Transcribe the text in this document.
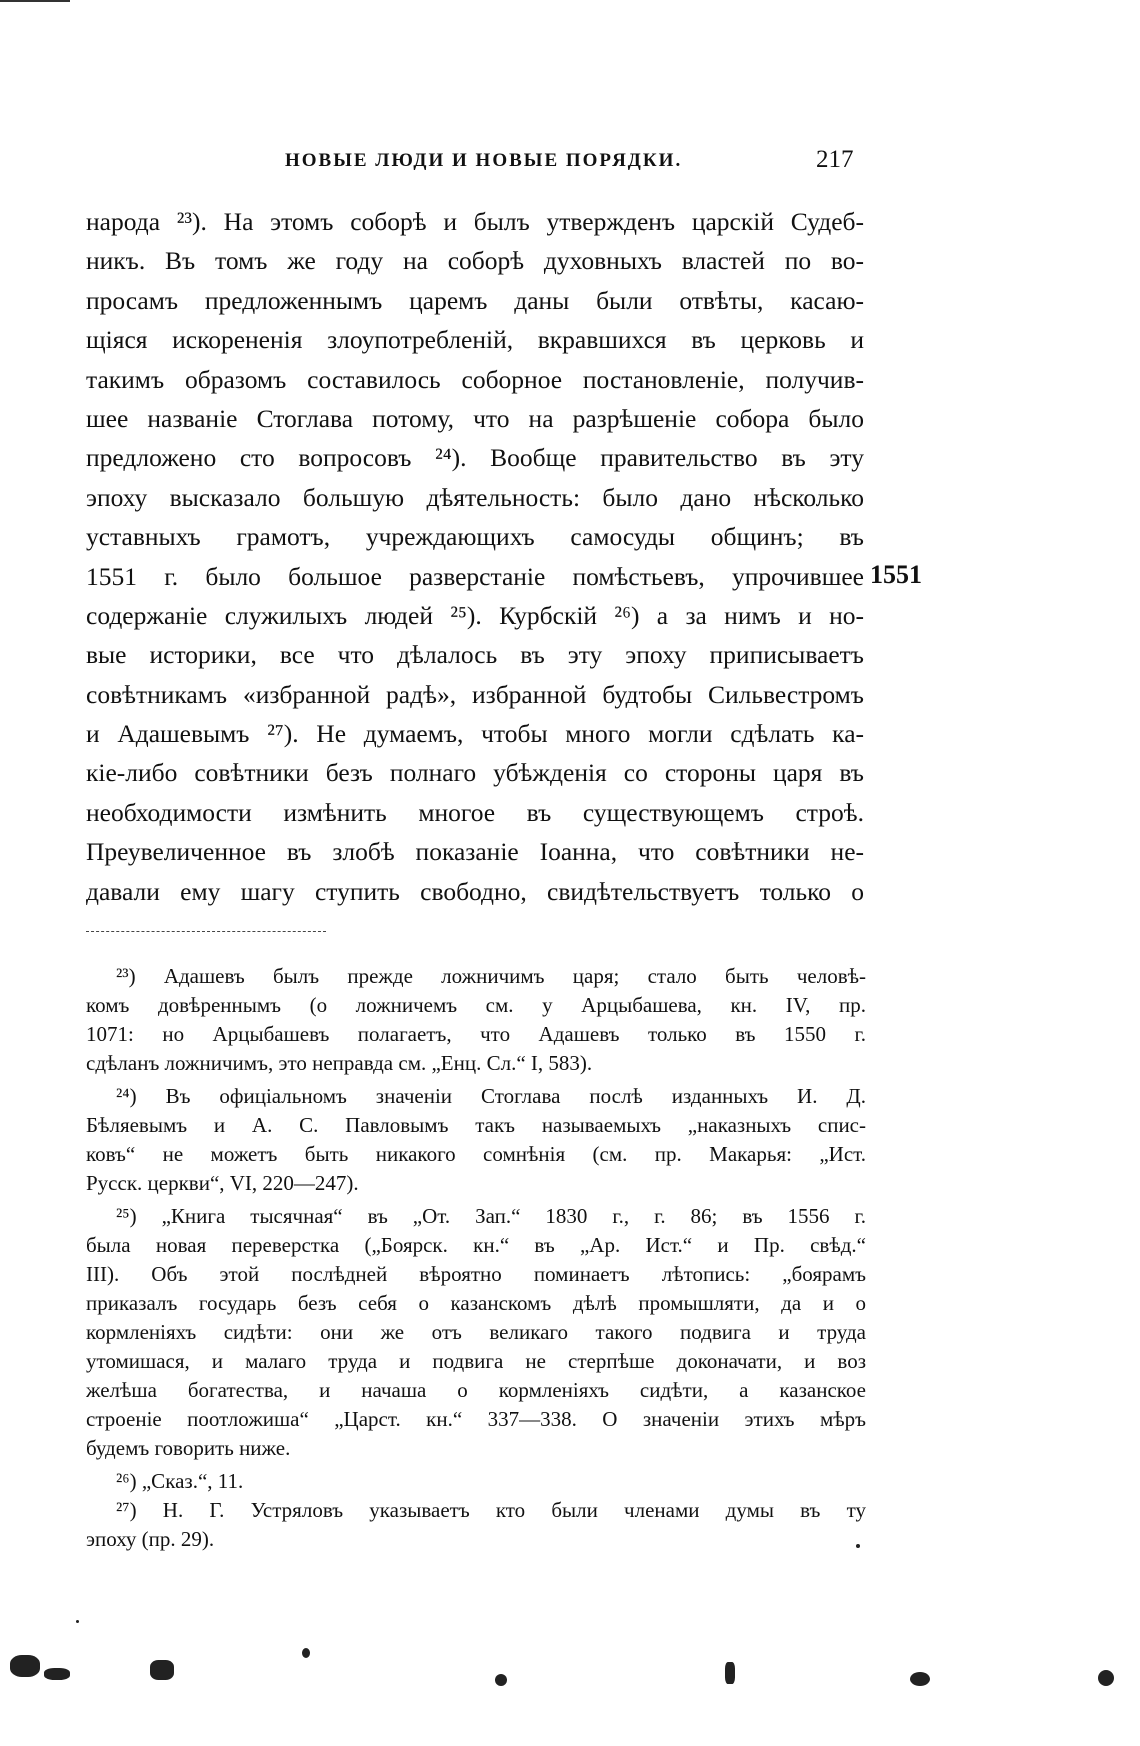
НОВЫЕ ЛЮДИ И НОВЫЕ ПОРЯДКИ.	217
народа ²³). На этомъ соборѣ и былъ утвержденъ царскій Судеб-
никъ. Въ томъ же году на соборѣ духовныхъ властей по во-
просамъ предложеннымъ царемъ даны были отвѣты, касаю-
щіяся искорененія злоупотребленій, вкравшихся въ церковь и
такимъ образомъ составилось соборное постановленіе, получив-
шее названіе Стоглава потому, что на разрѣшеніе собора было
предложено сто вопросовъ ²⁴). Вообще правительство въ эту
эпоху высказало большую дѣятельность: было дано нѣсколько
уставныхъ грамотъ, учреждающихъ самосуды общинъ; въ
1551 г. было большое разверстаніе помѣстьевъ, упрочившее
содержаніе служилыхъ людей ²⁵). Курбскій ²⁶) а за нимъ и но-
вые историки, все что дѣлалось въ эту эпоху приписываетъ
совѣтникамъ «избранной радѣ», избранной будтобы Сильвестромъ
и Адашевымъ ²⁷). Не думаемъ, чтобы много могли сдѣлать ка-
кіе-либо совѣтники безъ полнаго убѣжденія со стороны царя въ
необходимости измѣнить многое въ существующемъ строѣ.
Преувеличенное въ злобѣ показаніе Іоанна, что совѣтники не-
давали ему шагу ступить свободно, свидѣтельствуетъ только о
1551
²³) Адашевъ былъ прежде ложничимъ царя; стало быть человѣ-
комъ довѣреннымъ (о ложничемъ см. у Арцыбашева, кн. IV, пр.
1071: но Арцыбашевъ полагаетъ, что Адашевъ только въ 1550 г.
сдѣланъ ложничимъ, это неправда см. „Енц. Сл.“ I, 583).
²⁴) Въ офиціальномъ значеніи Стоглава послѣ изданныхъ И. Д.
Бѣляевымъ и А. С. Павловымъ такъ называемыхъ „наказныхъ спис-
ковъ“ не можетъ быть никакого сомнѣнія (см. пр. Макарья: „Ист.
Русск. церкви“, VI, 220—247).
²⁵) „Книга тысячная“ въ „От. Зап.“ 1830 г., г. 86; въ 1556 г.
была новая переверстка („Боярск. кн.“ въ „Ар. Ист.“ и Пр. свѣд.“
III). Объ этой послѣдней вѣроятно поминаетъ лѣтопись: „боярамъ
приказалъ государь безъ себя о казанскомъ дѣлѣ промышляти, да и о
кормленіяхъ сидѣти: они же отъ великаго такого подвига и труда
утомишася, и малаго труда и подвига не стерпѣше доконачати, и воз
желѣша богатества, и начаша о кормленіяхъ сидѣти, а казанское
строеніе поотложиша“ „Царст. кн.“ 337—338. О значеніи этихъ мѣръ
будемъ говорить ниже.
²⁶) „Сказ.“, 11.
²⁷) Н. Г. Устряловъ указываетъ кто были членами думы въ ту
эпоху (пр. 29).
